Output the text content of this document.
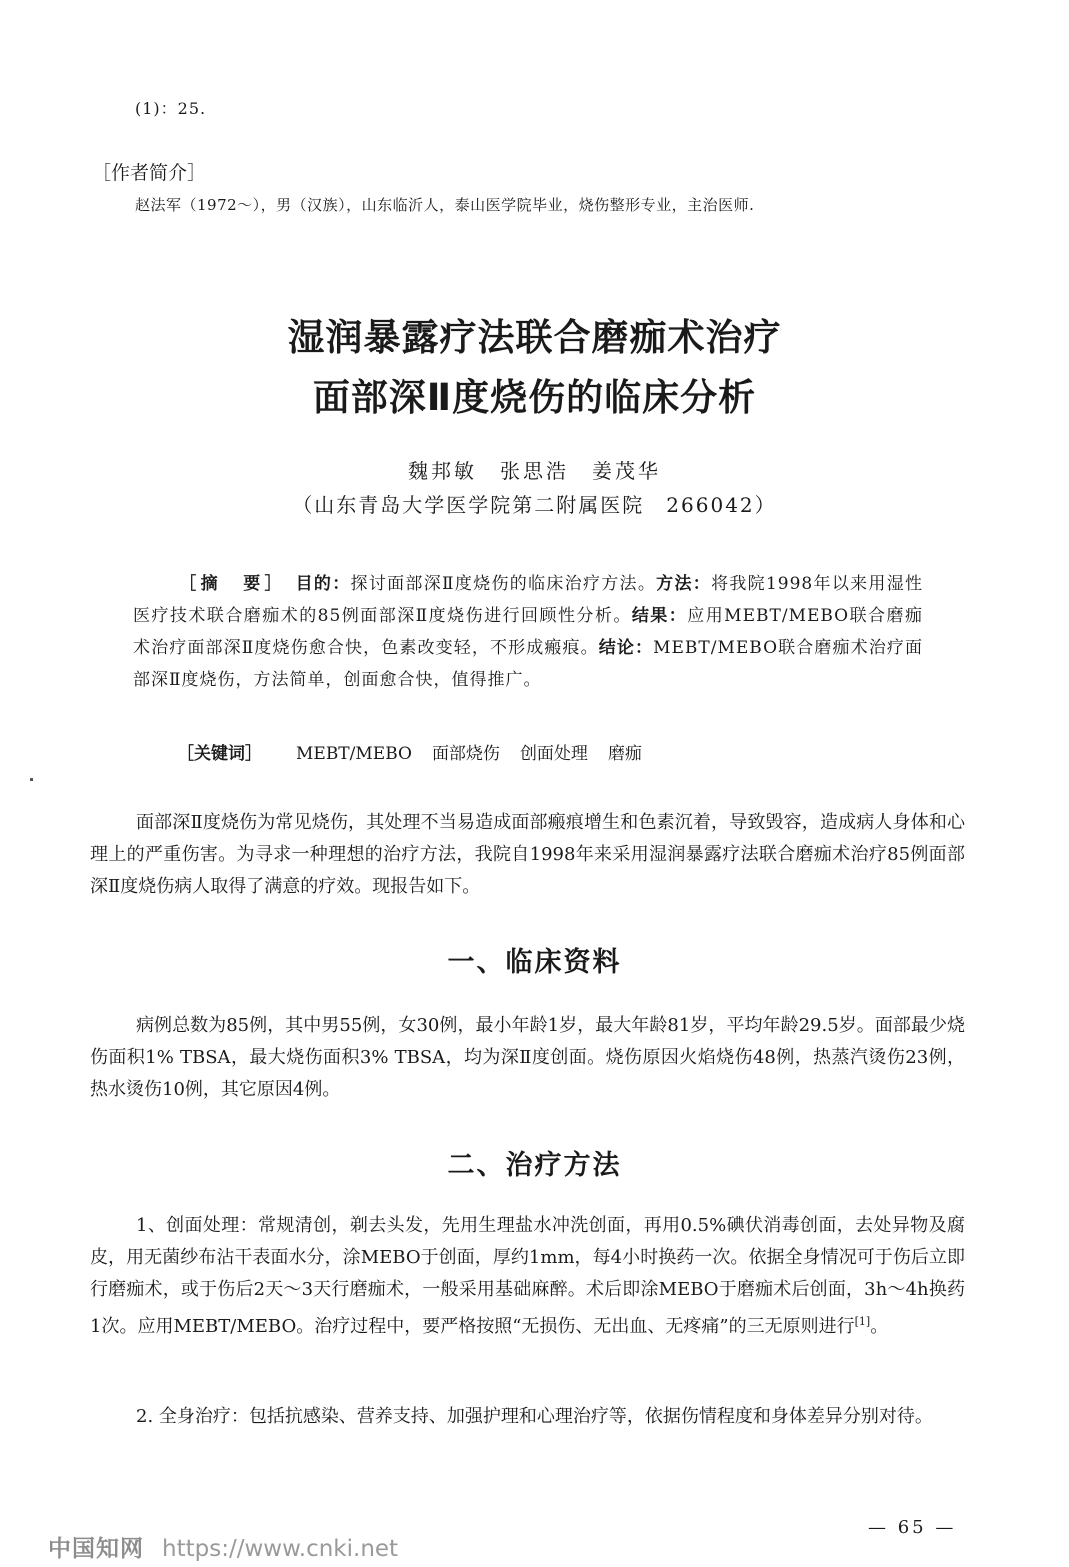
(1)：25.
［作者简介］
赵法军（1972～），男（汉族），山东临沂人，泰山医学院毕业，烧伤整形专业，主治医师.
湿润暴露疗法联合磨痂术治疗
面部深Ⅱ度烧伤的临床分析
魏邦敏　张思浩　姜茂华
（山东青岛大学医学院第二附属医院　266042）
［摘　要］　 目的：探讨面部深Ⅱ度烧伤的临床治疗方法。方法：将我院1998年以来用湿性医疗技术联合磨痂术的85例面部深Ⅱ度烧伤进行回顾性分析。结果：应用MEBT/MEBO联合磨痂术治疗面部深Ⅱ度烧伤愈合快，色素改变轻，不形成瘢痕。结论：MEBT/MEBO联合磨痂术治疗面部深Ⅱ度烧伤，方法简单，创面愈合快，值得推广。
［关键词］ MEBT/MEBO 面部烧伤 创面处理 磨痂
面部深Ⅱ度烧伤为常见烧伤，其处理不当易造成面部瘢痕增生和色素沉着，导致毁容，造成病人身体和心理上的严重伤害。为寻求一种理想的治疗方法，我院自1998年来采用湿润暴露疗法联合磨痂术治疗85例面部深Ⅱ度烧伤病人取得了满意的疗效。现报告如下。
一、临床资料
病例总数为85例，其中男55例，女30例，最小年龄1岁，最大年龄81岁，平均年龄29.5岁。面部最少烧伤面积1% TBSA，最大烧伤面积3% TBSA，均为深Ⅱ度创面。烧伤原因火焰烧伤48例，热蒸汽烫伤23例，热水烫伤10例，其它原因4例。
二、治疗方法
1、创面处理：常规清创，剃去头发，先用生理盐水冲洗创面，再用0.5%碘伏消毒创面，去处异物及腐皮，用无菌纱布沾干表面水分，涂MEBO于创面，厚约1mm，每4小时换药一次。依据全身情况可于伤后立即行磨痂术，或于伤后2天～3天行磨痂术，一般采用基础麻醉。术后即涂MEBO于磨痂术后创面，3h～4h换药1次。应用MEBT/MEBO。治疗过程中，要严格按照“无损伤、无出血、无疼痛”的三无原则进行[1]。
2. 全身治疗：包括抗感染、营养支持、加强护理和心理治疗等，依据伤情程度和身体差异分别对待。
— 65 —
中国知网 https://www.cnki.net
